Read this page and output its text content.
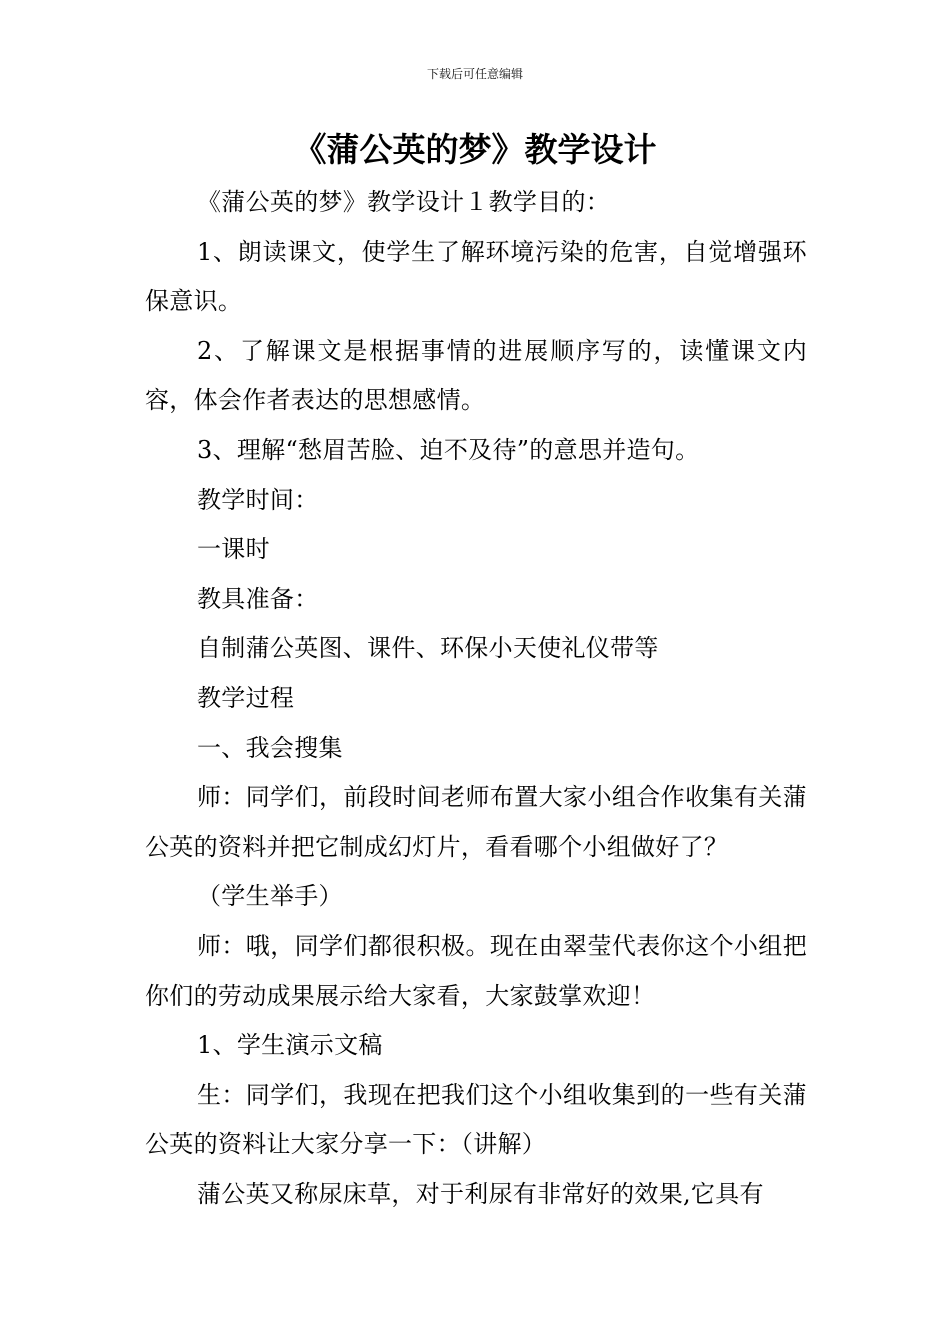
下载后可任意编辑
《蒲公英的梦》教学设计

《蒲公英的梦》教学设计１教学目的：

1、朗读课文，使学生了解环境污染的危害，自觉增强环保意识。

2、了解课文是根据事情的进展顺序写的，读懂课文内容，体会作者表达的思想感情。

3、理解“愁眉苦脸、迫不及待”的意思并造句。

教学时间：

一课时

教具准备：

自制蒲公英图、课件、环保小天使礼仪带等

教学过程

一、我会搜集

师：同学们，前段时间老师布置大家小组合作收集有关蒲公英的资料并把它制成幻灯片，看看哪个小组做好了？

（学生举手）

师：哦，同学们都很积极。现在由翠莹代表你这个小组把你们的劳动成果展示给大家看，大家鼓掌欢迎！

1、学生演示文稿

生：同学们，我现在把我们这个小组收集到的一些有关蒲公英的资料让大家分享一下：（讲解）

蒲公英又称尿床草，对于利尿有非常好的效果,它具有
